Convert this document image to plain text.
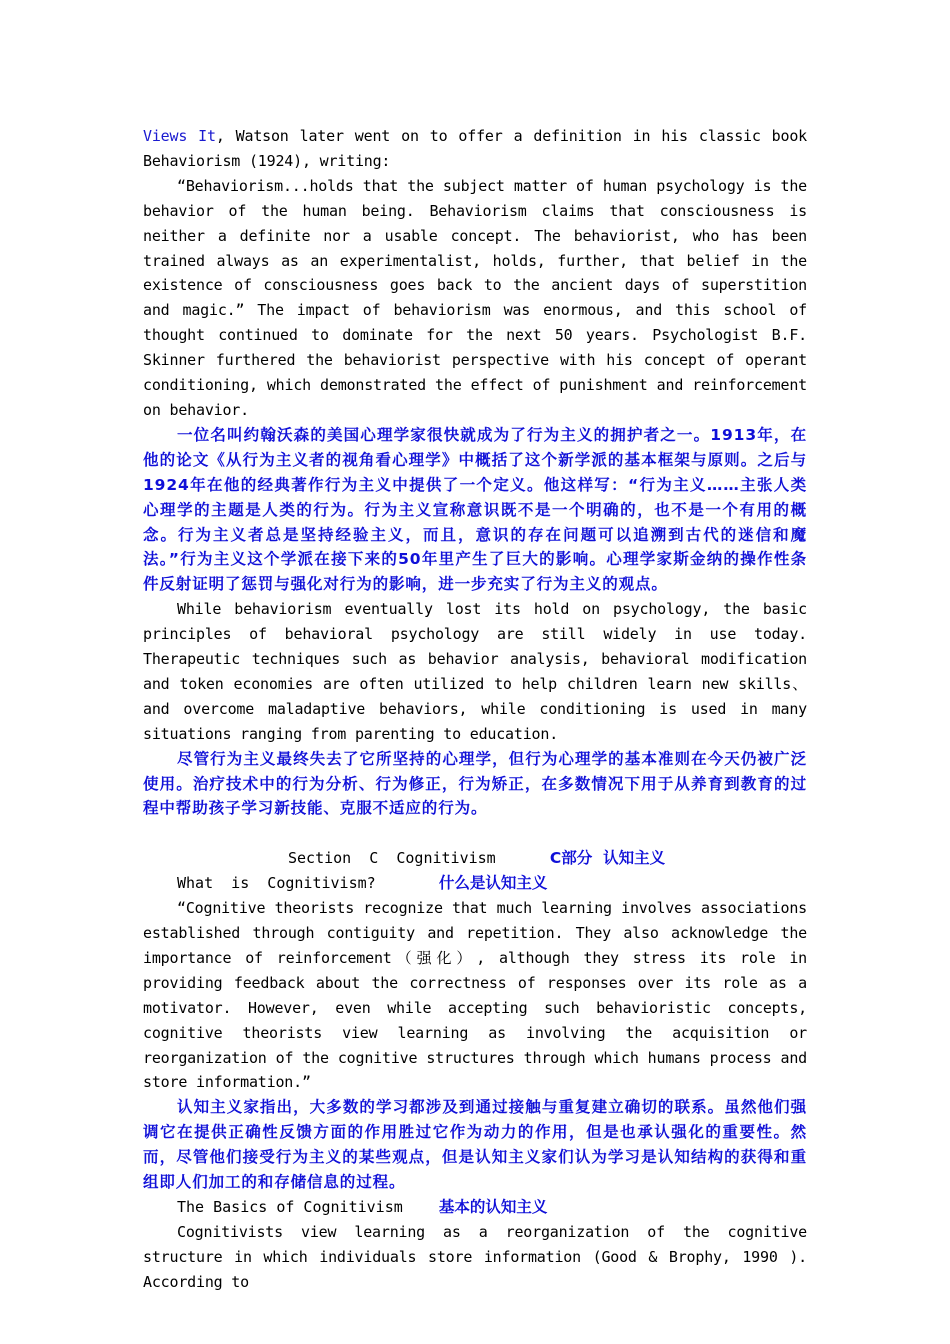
Views It, Watson later went on to offer a definition in his classic book Behaviorism (1924), writing:

“Behaviorism...holds that the subject matter of human psychology is the behavior of the human being. Behaviorism claims that consciousness is neither a definite nor a usable concept. The behaviorist, who has been trained always as an experimentalist, holds, further, that belief in the existence of consciousness goes back to the ancient days of superstition and magic.” The impact of behaviorism was enormous, and this school of thought continued to dominate for the next 50 years. Psychologist B.F. Skinner furthered the behaviorist perspective with his concept of operant conditioning, which demonstrated the effect of punishment and reinforcement on behavior.

一位名叫约翰沃森的美国心理学家很快就成为了行为主义的拥护者之一。1913年，在他的论文《从行为主义者的视角看心理学》中概括了这个新学派的基本框架与原则。之后与1924年在他的经典著作行为主义中提供了一个定义。他这样写：“行为主义……主张人类心理学的主题是人类的行为。行为主义宣称意识既不是一个明确的，也不是一个有用的概念。行为主义者总是坚持经验主义，而且，意识的存在问题可以追溯到古代的迷信和魔法。”行为主义这个学派在接下来的50年里产生了巨大的影响。心理学家斯金纳的操作性条件反射证明了惩罚与强化对行为的影响，进一步充实了行为主义的观点。

While behaviorism eventually lost its hold on psychology, the basic principles of behavioral psychology are still widely in use today. Therapeutic techniques such as behavior analysis, behavioral modification and token economies are often utilized to help children learn new skills、and overcome maladaptive behaviors, while conditioning is used in many situations ranging from parenting to education.

尽管行为主义最终失去了它所坚持的心理学，但行为心理学的基本准则在今天仍被广泛使用。治疗技术中的行为分析、行为修正，行为矫正，在多数情况下用于从养育到教育的过程中帮助孩子学习新技能、克服不适应的行为。

Section  C  Cognitivism	C部分  认知主义

What  is  Cognitivism?	什么是认知主义

“Cognitive theorists recognize that much learning involves associations established through contiguity and repetition. They also acknowledge the importance of reinforcement（强化）, although they stress its role in providing feedback about the correctness of responses over its role as a motivator. However, even while accepting such behavioristic concepts, cognitive theorists view learning as involving the acquisition or reorganization of the cognitive structures through which humans process and store information.”

认知主义家指出，大多数的学习都涉及到通过接触与重复建立确切的联系。虽然他们强调它在提供正确性反馈方面的作用胜过它作为动力的作用，但是也承认强化的重要性。然而，尽管他们接受行为主义的某些观点，但是认知主义家们认为学习是认知结构的获得和重组即人们加工的和存储信息的过程。

The Basics of Cognitivism 基本的认知主义

Cognitivists view learning as a reorganization of the cognitive structure in which individuals store information (Good & Brophy, 1990 ). According to
